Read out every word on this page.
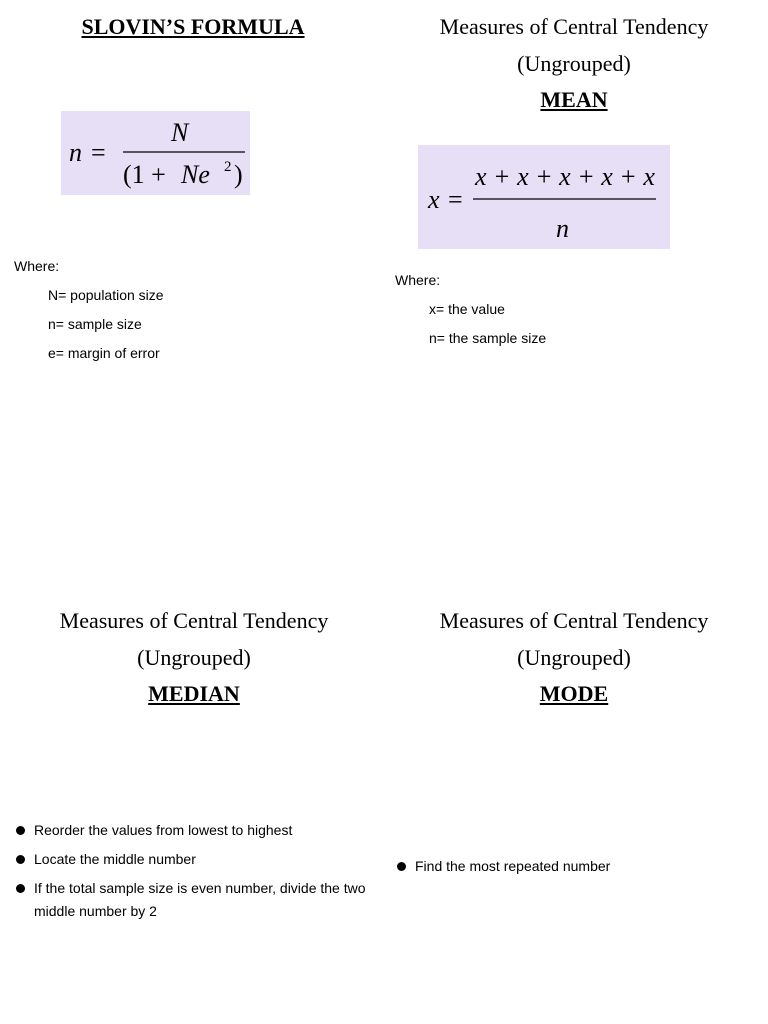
SLOVIN’S FORMULA
n =
N
(1 + Ne 2 )
Where:
N= population size
n= sample size
e= margin of error
Measures of Central Tendency
(Ungrouped)
MEAN
x =
x + x + x + x + x
n
Where:
x= the value
n= the sample size
Measures of Central Tendency
(Ungrouped)
MEDIAN
Reorder the values from lowest to highest
Locate the middle number
If the total sample size is even number, divide the two middle number by 2
Measures of Central Tendency
(Ungrouped)
MODE
Find the most repeated number
